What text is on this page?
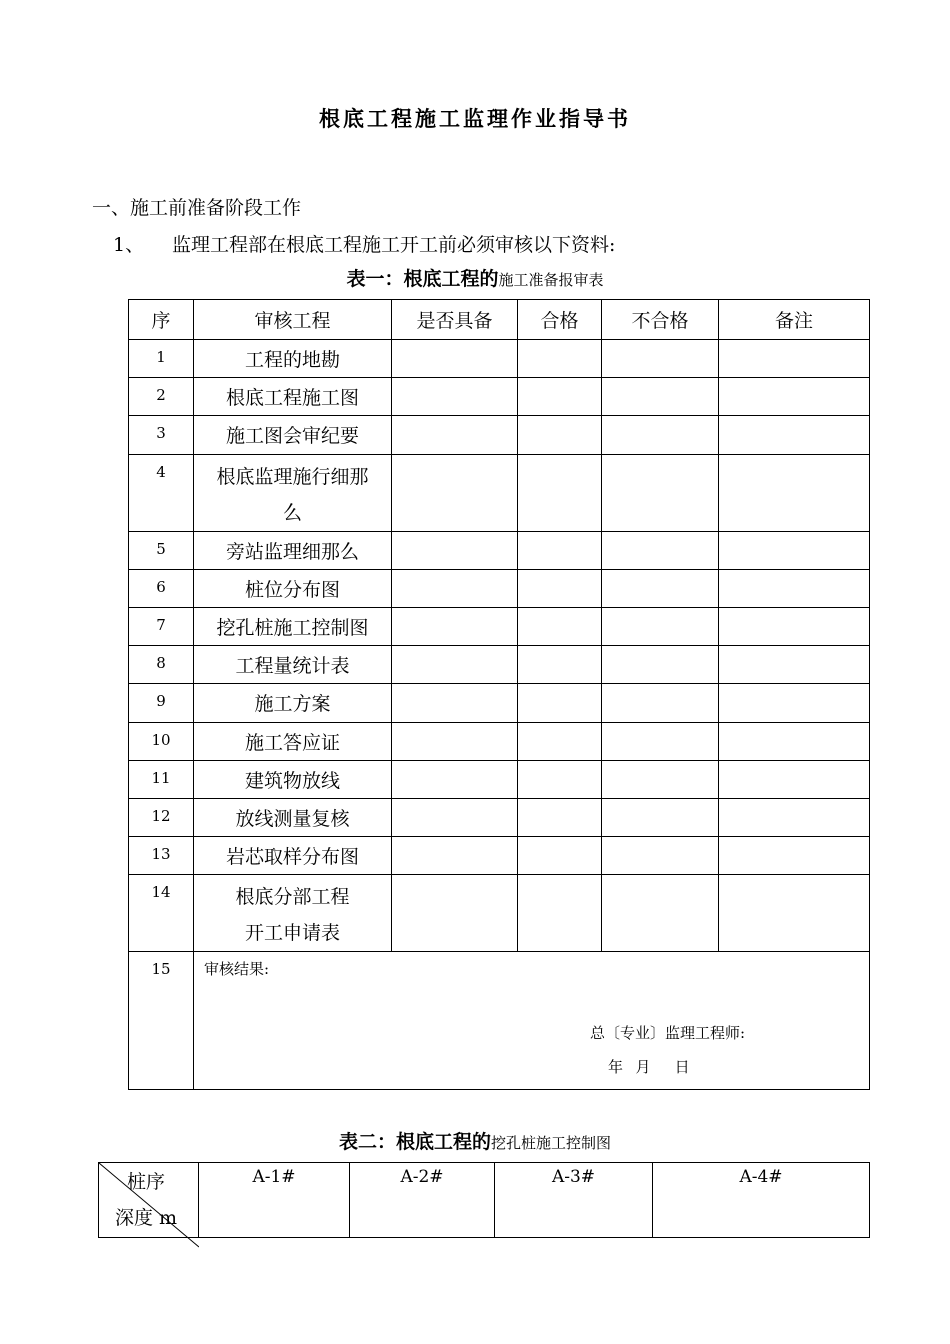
根底工程施工监理作业指导书
一、施工前准备阶段工作
1、 监理工程部在根底工程施工开工前必须审核以下资料:
表一：根底工程的施工准备报审表
序	审核工程	是否具备	合格	不合格	备注
1	工程的地勘				
2	根底工程施工图				
3	施工图会审纪要				
4	根底监理施行细那
么				

5	旁站监理细那么				
6	桩位分布图				
7	挖孔桩施工控制图				
8	工程量统计表				
9	施工方案				
10	施工答应证				
11	建筑物放线				
12	放线测量复核				
13	岩芯取样分布图				
14	根底分部工程
开工申请表				

15	审核结果:
总〔专业〕监理工程师:
年  月    日				
表二：根底工程的挖孔桩施工控制图
桩序
深度 m
	A-1#	A-2#	A-3#	A-4#
